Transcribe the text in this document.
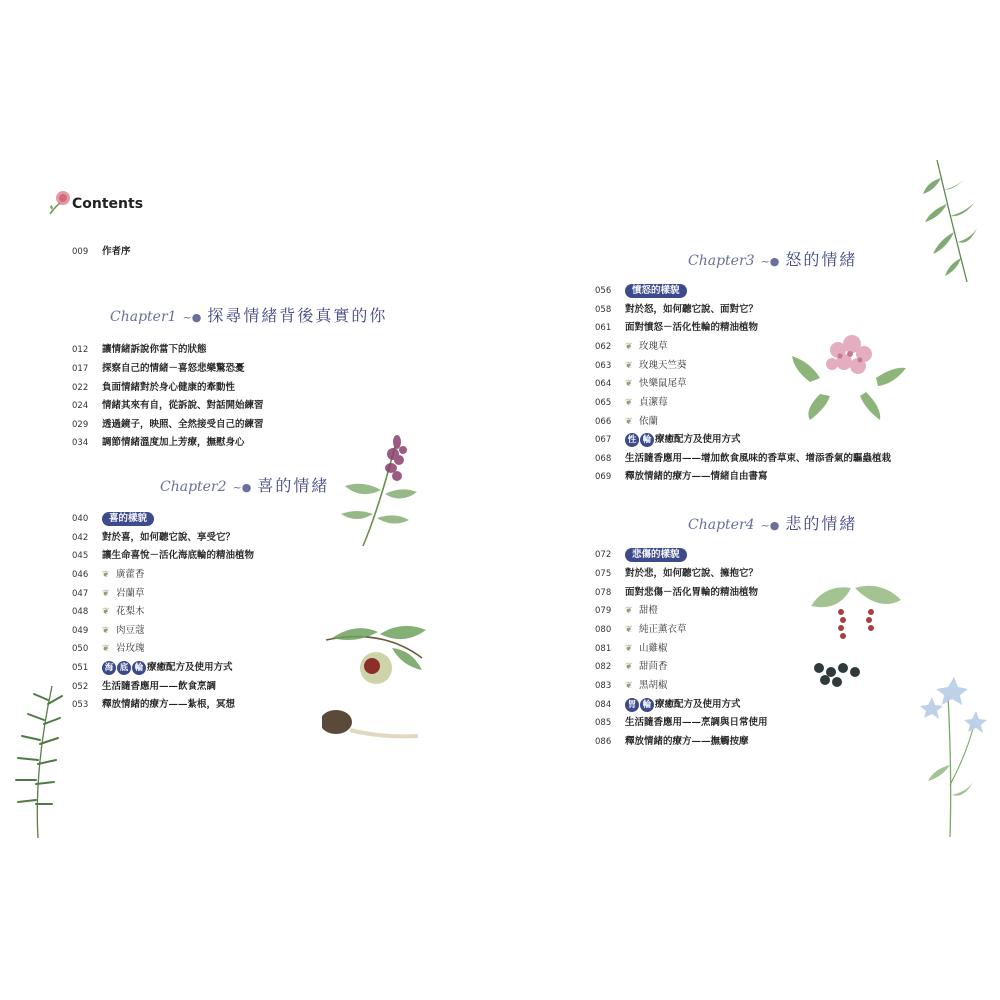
Contents
009 作者序
Chapter1 ~● 探尋情緒背後真實的你
012 讓情緒訴說你當下的狀態
017 探察自己的情緒－喜怒悲樂驚恐憂
022 負面情緒對於身心健康的牽動性
024 情緒其來有自，從訴說、對話開始練習
029 透過鏡子，映照、全然接受自己的練習
034 調節情緒溫度加上芳療，撫慰身心
Chapter2 ~● 喜的情緒
040 喜的樣貌
042 對於喜，如何聽它說、享受它？
045 讓生命喜悅－活化海底輪的精油植物
046 ❦ 廣藿香
047 ❦ 岩蘭草
048 ❦ 花梨木
049 ❦ 肉豆蔻
050 ❦ 岩玫瑰
051 海 底 輪 療癒配方及使用方式
052 生活隨香應用——飲食烹調
053 釋放情緒的療方——紮根，冥想
Chapter3 ~● 怒的情緒
056 憤怒的樣貌
058 對於怒，如何聽它說、面對它？
061 面對憤怒－活化性輪的精油植物
062 ❦ 玫瑰草
063 ❦ 玫瑰天竺葵
064 ❦ 快樂鼠尾草
065 ❦ 貞潔莓
066 ❦ 依蘭
067 性 輪 療癒配方及使用方式
068 生活隨香應用——增加飲食風味的香草束、增添香氣的驅蟲植栽
069 釋放情緒的療方——情緒自由書寫
Chapter4 ~● 悲的情緒
072 悲傷的樣貌
075 對於悲，如何聽它說、擁抱它？
078 面對悲傷－活化胃輪的精油植物
079 ❦ 甜橙
080 ❦ 純正薰衣草
081 ❦ 山雞椒
082 ❦ 甜茴香
083 ❦ 黑胡椒
084 胃 輪 療癒配方及使用方式
085 生活隨香應用——烹調與日常使用
086 釋放情緒的療方——撫觸按摩
